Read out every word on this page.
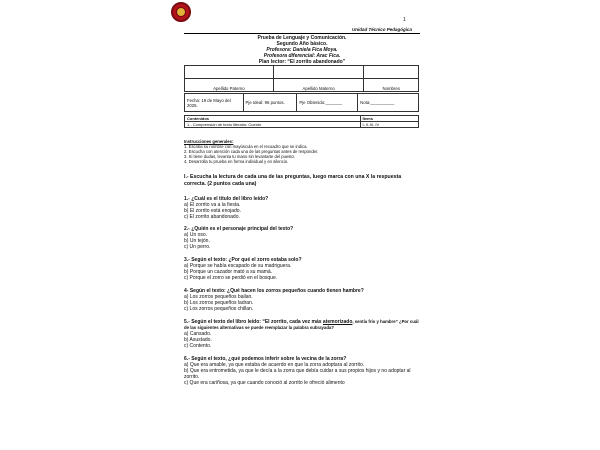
1
Unidad Técnico Pedagógica
Prueba de Lenguaje y Comunicación.
Segundo Año básico.
Profesora: Daniela Fica Moya.
Profesora diferencial: Arac Fica.
Plan lector: “El zorrito abandonado”

Apellido Paterno	Apellido Materno	Nombres
Fecha: 19 de Mayo del 2025.	Pje Ideal: 96 puntos.	Pje Obtenido:_______	Nota:__________
Contenidos	Ítems
1.- Comprensión de texto literario: Cuento	I- II-III- IV
Instrucciones generales:
1. Escriba su nombre con mayúscula en el recuadro que se indica.
2. Escucha con atención cada una de las preguntas antes de responder.
3. Si tiene dudas, levanta tu mano sin levantarte del puesto.
4. Desarrolla tu prueba en forma individual y en silencio.
I.- Escucha la lectura de cada una de las preguntas, luego marca con una X la respuesta correcta. (2 puntos cada una)
1.- ¿Cuál es el título del libro leído?
a) El zorrito va a la fiesta.
b) El zorrito está enojado.
c) El zorrito abandonado.
2.- ¿Quién es el personaje principal del texto?
a) Un oso.
b) Un tejón.
c) Un perro.
3.- Según el texto: ¿Por qué el zorro estaba solo?
a) Porque se había escapado de su madriguera.
b) Porque un cazador mató a su mamá.
c) Porque el zorro se perdió en el bosque.
4- Según el texto: ¿Qué hacen los zorros pequeños cuando tienen hambre?
a) Los zorros pequeños bailan.
b) Los zorros pequeños ladran.
c) Los zorros pequeños chillan.
5.- Según el texto del libro leído: “El zorrito, cada vez más atemorizado, sentía frío y hambre” ¿Por cuál de las siguientes alternativas se puede reemplazar la palabra subrayada?
a) Cansado.
b) Asustado.
c) Contento.
6.- Según el texto, ¿qué podemos inferir sobre la vecina de la zorra?
a) Que era amable, ya que estaba de acuerdo en que la zorra adoptara al zorrito.
b) Que era entrometida, ya que le decía a la zorra que debía cuidar a sus propios hijos y no adoptar al zorrito.
c) Que era cariñosa, ya que cuando conoció al zorrito le ofreció alimento
